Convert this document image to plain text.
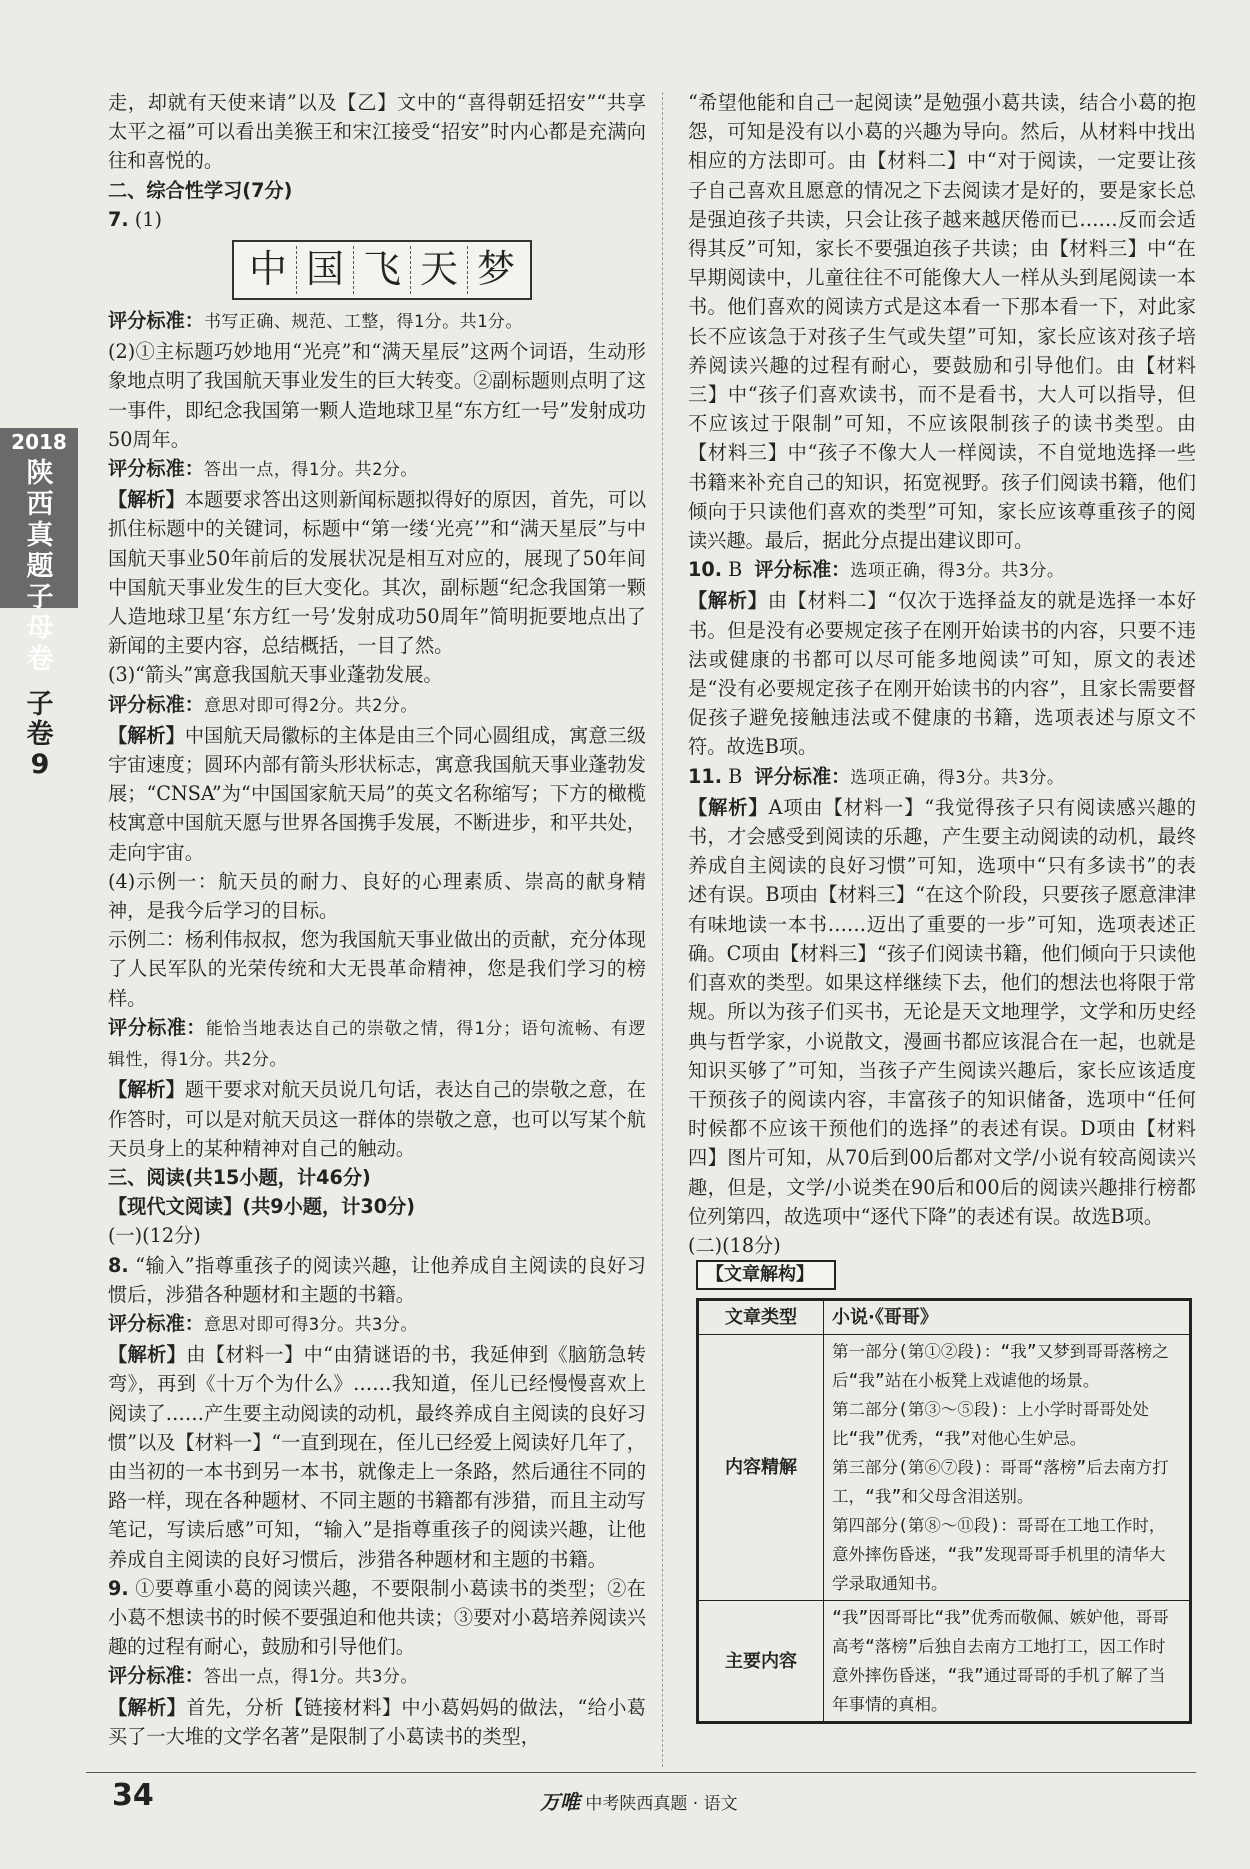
2018
陕西真题子母卷
子卷
9

走，却就有天使来请”以及【乙】文中的“喜得朝廷招安”“共享太平之福”可以看出美猴王和宋江接受“招安”时内心都是充满向往和喜悦的。

二、综合性学习(7分)

7. (1)

中 国 飞 天 梦

评分标准：书写正确、规范、工整，得1分。共1分。

(2)①主标题巧妙地用“光亮”和“满天星辰”这两个词语，生动形象地点明了我国航天事业发生的巨大转变。②副标题则点明了这一事件，即纪念我国第一颗人造地球卫星“东方红一号”发射成功50周年。

评分标准：答出一点，得1分。共2分。

【解析】本题要求答出这则新闻标题拟得好的原因，首先，可以抓住标题中的关键词，标题中“第一缕‘光亮’”和“满天星辰”与中国航天事业50年前后的发展状况是相互对应的，展现了50年间中国航天事业发生的巨大变化。其次，副标题“纪念我国第一颗人造地球卫星‘东方红一号’发射成功50周年”简明扼要地点出了新闻的主要内容，总结概括，一目了然。

(3)“箭头”寓意我国航天事业蓬勃发展。

评分标准：意思对即可得2分。共2分。

【解析】中国航天局徽标的主体是由三个同心圆组成，寓意三级宇宙速度；圆环内部有箭头形状标志，寓意我国航天事业蓬勃发展；“CNSA”为“中国国家航天局”的英文名称缩写；下方的橄榄枝寓意中国航天愿与世界各国携手发展，不断进步，和平共处，走向宇宙。

(4)示例一：航天员的耐力、良好的心理素质、崇高的献身精神，是我今后学习的目标。

示例二：杨利伟叔叔，您为我国航天事业做出的贡献，充分体现了人民军队的光荣传统和大无畏革命精神，您是我们学习的榜样。

评分标准：能恰当地表达自己的崇敬之情，得1分；语句流畅、有逻辑性，得1分。共2分。

【解析】题干要求对航天员说几句话，表达自己的崇敬之意，在作答时，可以是对航天员这一群体的崇敬之意，也可以写某个航天员身上的某种精神对自己的触动。

三、阅读(共15小题，计46分)

【现代文阅读】(共9小题，计30分)

(一)(12分)

8. “输入”指尊重孩子的阅读兴趣，让他养成自主阅读的良好习惯后，涉猎各种题材和主题的书籍。

评分标准：意思对即可得3分。共3分。

【解析】由【材料一】中“由猜谜语的书，我延伸到《脑筋急转弯》，再到《十万个为什么》……我知道，侄儿已经慢慢喜欢上阅读了……产生要主动阅读的动机，最终养成自主阅读的良好习惯”以及【材料一】“一直到现在，侄儿已经爱上阅读好几年了，由当初的一本书到另一本书，就像走上一条路，然后通往不同的路一样，现在各种题材、不同主题的书籍都有涉猎，而且主动写笔记，写读后感”可知，“输入”是指尊重孩子的阅读兴趣，让他养成自主阅读的良好习惯后，涉猎各种题材和主题的书籍。

9. ①要尊重小葛的阅读兴趣，不要限制小葛读书的类型；②在小葛不想读书的时候不要强迫和他共读；③要对小葛培养阅读兴趣的过程有耐心，鼓励和引导他们。

评分标准：答出一点，得1分。共3分。

【解析】首先，分析【链接材料】中小葛妈妈的做法，“给小葛买了一大堆的文学名著”是限制了小葛读书的类型，

“希望他能和自己一起阅读”是勉强小葛共读，结合小葛的抱怨，可知是没有以小葛的兴趣为导向。然后，从材料中找出相应的方法即可。由【材料二】中“对于阅读，一定要让孩子自己喜欢且愿意的情况之下去阅读才是好的，要是家长总是强迫孩子共读，只会让孩子越来越厌倦而已……反而会适得其反”可知，家长不要强迫孩子共读；由【材料三】中“在早期阅读中，儿童往往不可能像大人一样从头到尾阅读一本书。他们喜欢的阅读方式是这本看一下那本看一下，对此家长不应该急于对孩子生气或失望”可知，家长应该对孩子培养阅读兴趣的过程有耐心，要鼓励和引导他们。由【材料三】中“孩子们喜欢读书，而不是看书，大人可以指导，但不应该过于限制”可知，不应该限制孩子的读书类型。由【材料三】中“孩子不像大人一样阅读，不自觉地选择一些书籍来补充自己的知识，拓宽视野。孩子们阅读书籍，他们倾向于只读他们喜欢的类型”可知，家长应该尊重孩子的阅读兴趣。最后，据此分点提出建议即可。

10. B 评分标准：选项正确，得3分。共3分。

【解析】由【材料二】“仅次于选择益友的就是选择一本好书。但是没有必要规定孩子在刚开始读书的内容，只要不违法或健康的书都可以尽可能多地阅读”可知，原文的表述是“没有必要规定孩子在刚开始读书的内容”，且家长需要督促孩子避免接触违法或不健康的书籍，选项表述与原文不符。故选B项。

11. B 评分标准：选项正确，得3分。共3分。

【解析】A项由【材料一】“我觉得孩子只有阅读感兴趣的书，才会感受到阅读的乐趣，产生要主动阅读的动机，最终养成自主阅读的良好习惯”可知，选项中“只有多读书”的表述有误。B项由【材料三】“在这个阶段，只要孩子愿意津津有味地读一本书……迈出了重要的一步”可知，选项表述正确。C项由【材料三】“孩子们阅读书籍，他们倾向于只读他们喜欢的类型。如果这样继续下去，他们的想法也将限于常规。所以为孩子们买书，无论是天文地理学，文学和历史经典与哲学家，小说散文，漫画书都应该混合在一起，也就是知识买够了”可知，当孩子产生阅读兴趣后，家长应该适度干预孩子的阅读内容，丰富孩子的知识储备，选项中“任何时候都不应该干预他们的选择”的表述有误。D项由【材料四】图片可知，从70后到00后都对文学/小说有较高阅读兴趣，但是，文学/小说类在90后和00后的阅读兴趣排行榜都位列第四，故选项中“逐代下降”的表述有误。故选B项。

(二)(18分)

【文章解构】
文章类型	小说·《哥哥》
内容精解	第一部分(第①②段)：“我”又梦到哥哥落榜之后“我”站在小板凳上戏谑他的场景。
第二部分(第③～⑤段)：上小学时哥哥处处比“我”优秀，“我”对他心生妒忌。
第三部分(第⑥⑦段)：哥哥“落榜”后去南方打工，“我”和父母含泪送别。
第四部分(第⑧～⑪段)：哥哥在工地工作时，意外摔伤昏迷，“我”发现哥哥手机里的清华大学录取通知书。

主要内容	“我”因哥哥比“我”优秀而敬佩、嫉妒他，哥哥高考“落榜”后独自去南方工地打工，因工作时意外摔伤昏迷，“我”通过哥哥的手机了解了当年事情的真相。
34	万唯 中考陕西真题 · 语文
